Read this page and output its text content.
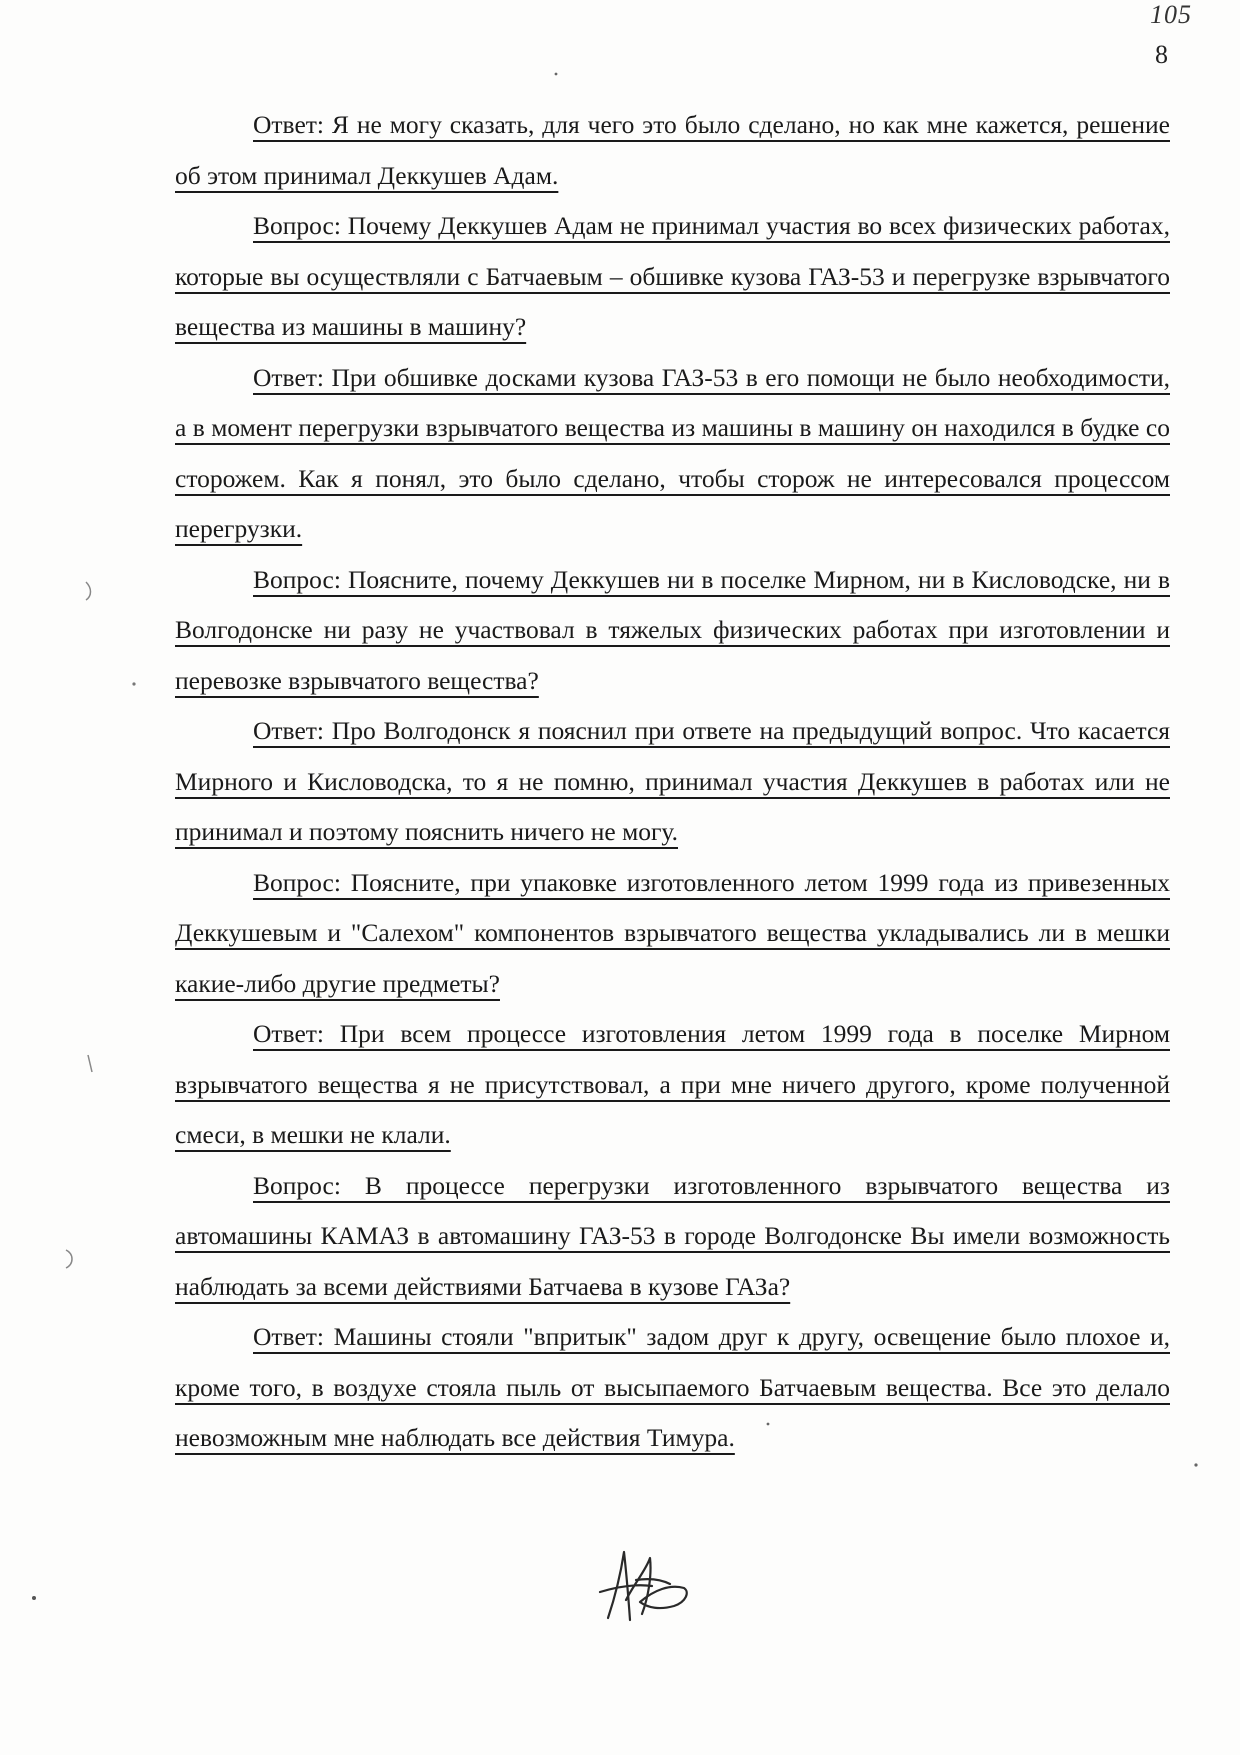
105
8

Ответ: Я не могу сказать, для чего это было сделано, но как мне кажется, решение об этом принимал Деккушев Адам.

Вопрос: Почему Деккушев Адам не принимал участия во всех физических работах, которые вы осуществляли с Батчаевым – обшивке кузова ГАЗ-53 и перегрузке взрывчатого вещества из машины в машину?

Ответ: При обшивке досками кузова ГАЗ-53 в его помощи не было необходимости, а в момент перегрузки взрывчатого вещества из машины в машину он находился в будке со сторожем. Как я понял, это было сделано, чтобы сторож не интересовался процессом перегрузки.

Вопрос: Поясните, почему Деккушев ни в поселке Мирном, ни в Кисловодске, ни в Волгодонске ни разу не участвовал в тяжелых физических работах при изготовлении и перевозке взрывчатого вещества?

Ответ: Про Волгодонск я пояснил при ответе на предыдущий вопрос. Что касается Мирного и Кисловодска, то я не помню, принимал участия Деккушев в работах или не принимал и поэтому пояснить ничего не могу.

Вопрос: Поясните, при упаковке изготовленного летом 1999 года из привезенных Деккушевым и "Салехом" компонентов взрывчатого вещества укладывались ли в мешки какие-либо другие предметы?

Ответ: При всем процессе изготовления летом 1999 года в поселке Мирном взрывчатого вещества я не присутствовал, а при мне ничего другого, кроме полученной смеси, в мешки не клали.

Вопрос: В процессе перегрузки изготовленного взрывчатого вещества из автомашины КАМАЗ в автомашину ГАЗ-53 в городе Волгодонске Вы имели возможность наблюдать за всеми действиями Батчаева в кузове ГАЗа?

Ответ: Машины стояли "впритык" задом друг к другу, освещение было плохое и, кроме того, в воздухе стояла пыль от высыпаемого Батчаевым вещества. Все это делало невозможным мне наблюдать все действия Тимура.
